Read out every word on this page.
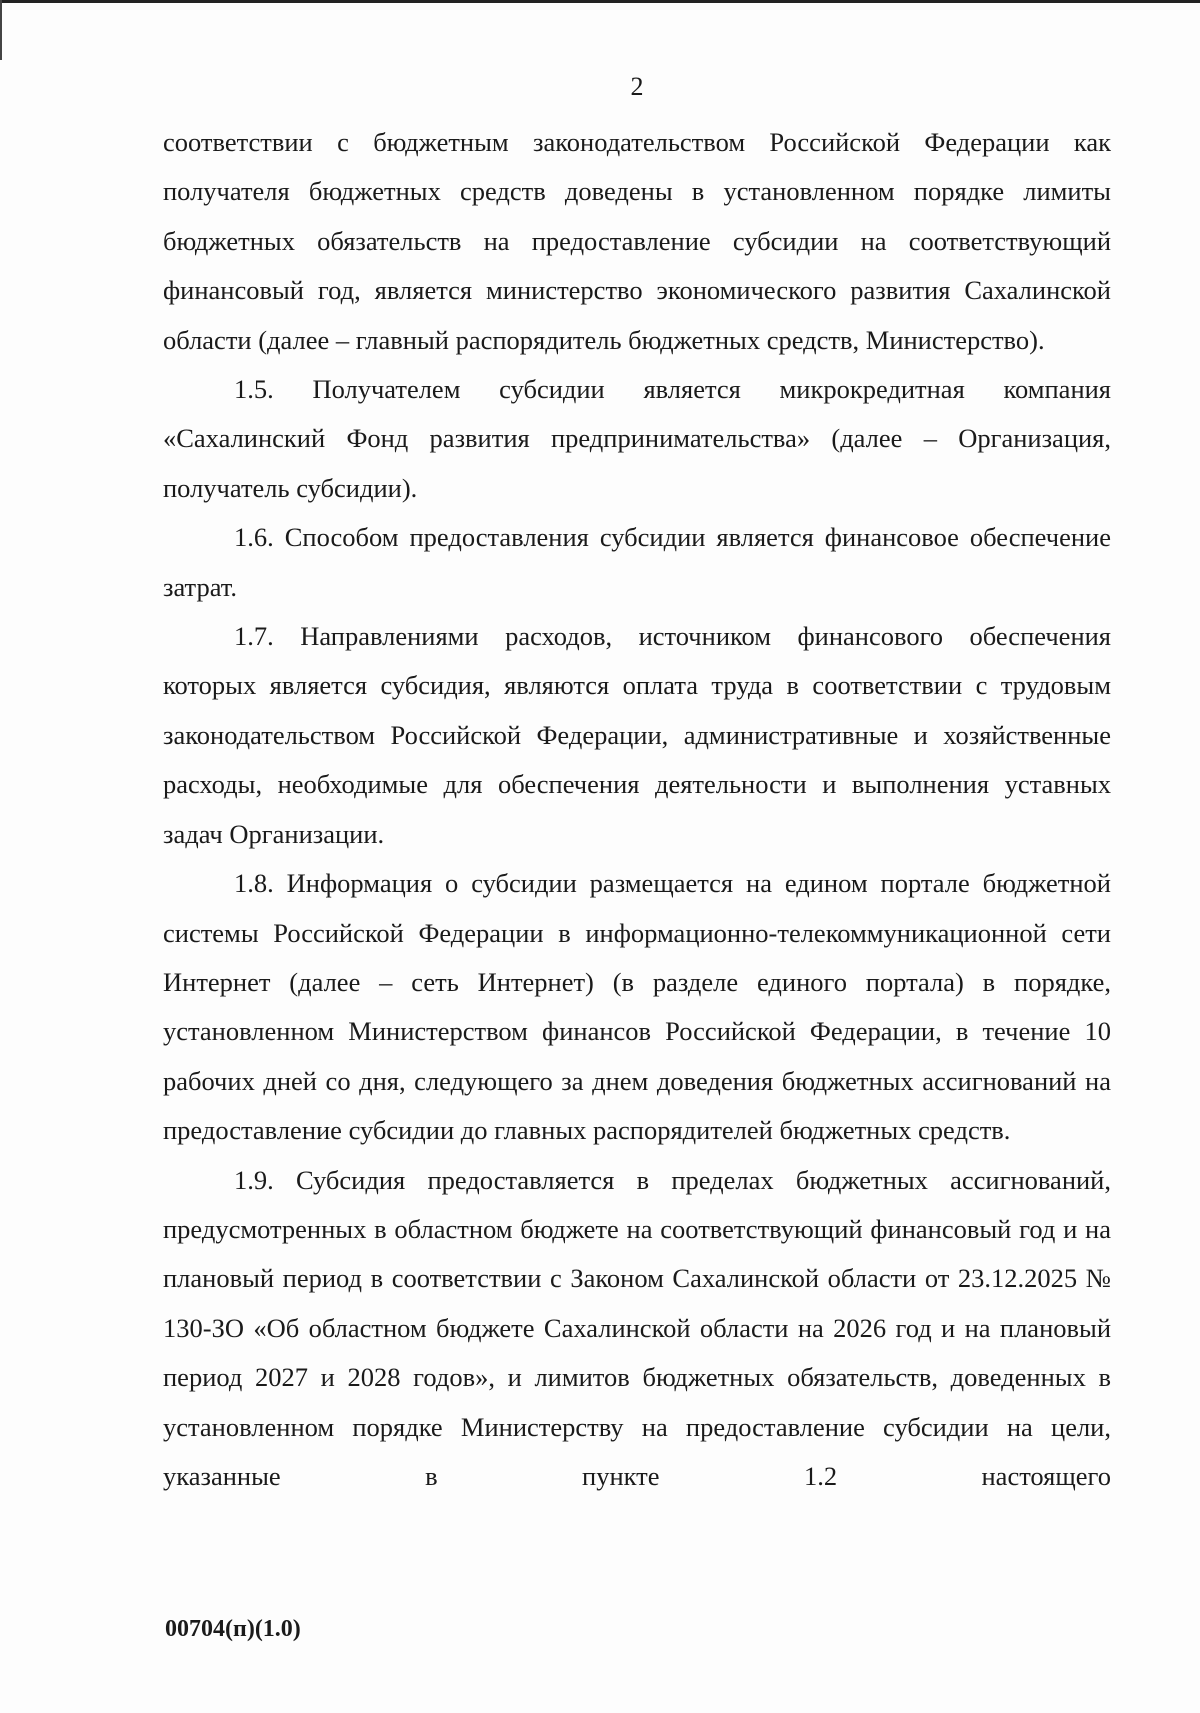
2

соответствии с бюджетным законодательством Российской Федерации как получателя бюджетных средств доведены в установленном порядке лимиты бюджетных обязательств на предоставление субсидии на соответствующий финансовый год, является министерство экономического развития Сахалинской области (далее – главный распорядитель бюджетных средств, Министерство).

1.5. Получателем субсидии является микрокредитная компания «Сахалинский Фонд развития предпринимательства» (далее – Организация, получатель субсидии).

1.6. Способом предоставления субсидии является финансовое обеспечение затрат.

1.7. Направлениями расходов, источником финансового обеспечения которых является субсидия, являются оплата труда в соответствии с трудовым законодательством Российской Федерации, административные и хозяйственные расходы, необходимые для обеспечения деятельности и выполнения уставных задач Организации.

1.8. Информация о субсидии размещается на едином портале бюджетной системы Российской Федерации в информационно-телекоммуникационной сети Интернет (далее – сеть Интернет) (в разделе единого портала) в порядке, установленном Министерством финансов Российской Федерации, в течение 10 рабочих дней со дня, следующего за днем доведения бюджетных ассигнований на предоставление субсидии до главных распорядителей бюджетных средств.

1.9. Субсидия предоставляется в пределах бюджетных ассигнований, предусмотренных в областном бюджете на соответствующий финансовый год и на плановый период в соответствии с Законом Сахалинской области от 23.12.2025 № 130-ЗО «Об областном бюджете Сахалинской области на 2026 год и на плановый период 2027 и 2028 годов», и лимитов бюджетных обязательств, доведенных в установленном порядке Министерству на предоставление субсидии на цели, указанные в пункте 1.2 настоящего

00704(п)(1.0)
